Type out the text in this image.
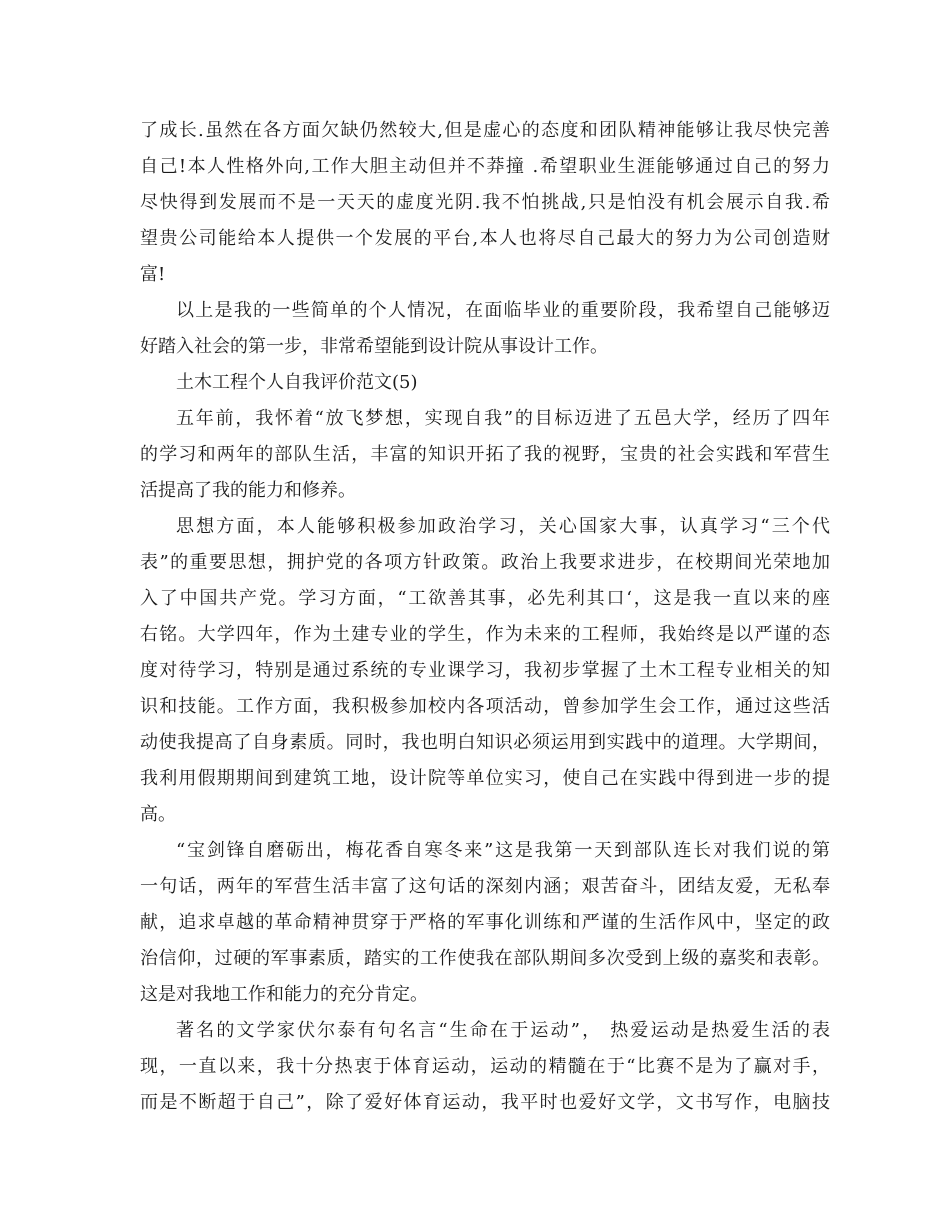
了成长.虽然在各方面欠缺仍然较大,但是虚心的态度和团队精神能够让我尽快完善
自己!本人性格外向,工作大胆主动但并不莽撞 .希望职业生涯能够通过自己的努力
尽快得到发展而不是一天天的虚度光阴.我不怕挑战,只是怕没有机会展示自我.希
望贵公司能给本人提供一个发展的平台,本人也将尽自己最大的努力为公司创造财
富!
以上是我的一些简单的个人情况，在面临毕业的重要阶段，我希望自己能够迈
好踏入社会的第一步，非常希望能到设计院从事设计工作。
土木工程个人自我评价范文(5)
五年前，我怀着“放飞梦想，实现自我”的目标迈进了五邑大学，经历了四年
的学习和两年的部队生活，丰富的知识开拓了我的视野，宝贵的社会实践和军营生
活提高了我的能力和修养。
思想方面，本人能够积极参加政治学习，关心国家大事，认真学习“三个代
表”的重要思想，拥护党的各项方针政策。政治上我要求进步，在校期间光荣地加
入了中国共产党。学习方面，“工欲善其事，必先利其口‘，这是我一直以来的座
右铭。大学四年，作为土建专业的学生，作为未来的工程师，我始终是以严谨的态
度对待学习，特别是通过系统的专业课学习，我初步掌握了土木工程专业相关的知
识和技能。工作方面，我积极参加校内各项活动，曾参加学生会工作，通过这些活
动使我提高了自身素质。同时，我也明白知识必须运用到实践中的道理。大学期间，
我利用假期期间到建筑工地，设计院等单位实习，使自己在实践中得到进一步的提
高。
“宝剑锋自磨砺出，梅花香自寒冬来”这是我第一天到部队连长对我们说的第
一句话，两年的军营生活丰富了这句话的深刻内涵；艰苦奋斗，团结友爱，无私奉
献，追求卓越的革命精神贯穿于严格的军事化训练和严谨的生活作风中，坚定的政
治信仰，过硬的军事素质，踏实的工作使我在部队期间多次受到上级的嘉奖和表彰。
这是对我地工作和能力的充分肯定。
著名的文学家伏尔泰有句名言“生命在于运动”， 热爱运动是热爱生活的表
现，一直以来，我十分热衷于体育运动，运动的精髓在于“比赛不是为了赢对手，
而是不断超于自己”，除了爱好体育运动，我平时也爱好文学，文书写作，电脑技
